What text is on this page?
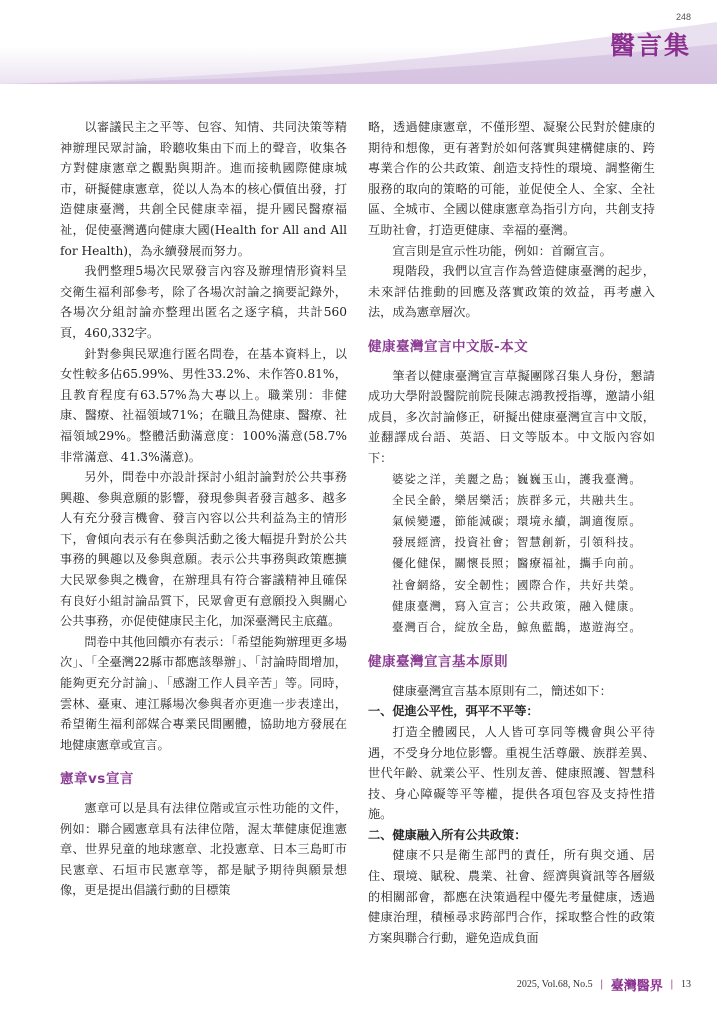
248
醫言集

以審議民主之平等、包容、知情、共同決策等精神辦理民眾討論，聆聽收集由下而上的聲音，收集各方對健康憲章之觀點與期許。進而接軌國際健康城市，研擬健康憲章，從以人為本的核心價值出發，打造健康臺灣，共創全民健康幸福，提升國民醫療福祉，促使臺灣邁向健康大國(Health for All and All for Health)，為永續發展而努力。

我們整理5場次民眾發言內容及辦理情形資料呈交衛生福利部參考，除了各場次討論之摘要記錄外，各場次分組討論亦整理出匿名之逐字稿，共計560頁，460,332字。

針對參與民眾進行匿名問卷，在基本資料上，以女性較多佔65.99%、男性33.2%、未作答0.81%，且教育程度有63.57%為大專以上。職業別：非健康、醫療、社福領域71%；在職且為健康、醫療、社福領域29%。整體活動滿意度：100%滿意(58.7%非常滿意、41.3%滿意)。

另外，問卷中亦設計探討小組討論對於公共事務興趣、參與意願的影響，發現參與者發言越多、越多人有充分發言機會、發言內容以公共利益為主的情形下，會傾向表示有在參與活動之後大幅提升對於公共事務的興趣以及參與意願。表示公共事務與政策應擴大民眾參與之機會，在辦理具有符合審議精神且確保有良好小組討論品質下，民眾會更有意願投入與關心公共事務，亦促使健康民主化，加深臺灣民主底蘊。

問卷中其他回饋亦有表示：「希望能夠辦理更多場次」、「全臺灣22縣市都應該舉辦」、「討論時間增加，能夠更充分討論」、「感謝工作人員辛苦」等。同時，雲林、臺東、連江縣場次參與者亦更進一步表達出，希望衛生福利部媒合專業民間團體，協助地方發展在地健康憲章或宣言。

憲章vs宣言

憲章可以是具有法律位階或宣示性功能的文件，例如：聯合國憲章具有法律位階，渥太華健康促進憲章、世界兒童的地球憲章、北投憲章、日本三島町市民憲章、石垣市民憲章等，都是賦予期待與願景想像，更是提出倡議行動的目標策

略，透過健康憲章，不僅形塑、凝聚公民對於健康的期待和想像，更有著對於如何落實與建構健康的、跨專業合作的公共政策、創造支持性的環境、調整衛生服務的取向的策略的可能，並促使全人、全家、全社區、全城市、全國以健康憲章為指引方向，共創支持互助社會，打造更健康、幸福的臺灣。

宣言則是宣示性功能，例如：首爾宣言。

現階段，我們以宣言作為營造健康臺灣的起步，未來評估推動的回應及落實政策的效益，再考慮入法，成為憲章層次。

健康臺灣宣言中文版-本文

筆者以健康臺灣宣言草擬團隊召集人身份，懇請成功大學附設醫院前院長陳志鴻教授指導，邀請小組成員，多次討論修正，研擬出健康臺灣宣言中文版，並翻譯成台語、英語、日文等版本。中文版內容如下：

婆娑之洋，美麗之島；巍巍玉山，護我臺灣。
全民全齡，樂居樂活；族群多元，共融共生。
氣候變遷，節能減碳；環境永續，調適復原。
發展經濟，投資社會；智慧創新，引領科技。
優化健保，關懷長照；醫療福祉，攜手向前。
社會網絡，安全韌性；國際合作，共好共榮。
健康臺灣，寫入宣言；公共政策，融入健康。
臺灣百合，綻放全島，鯨魚藍鵲，遨遊海空。
健康臺灣宣言基本原則

健康臺灣宣言基本原則有二，簡述如下：

一、促進公平性，弭平不平等：

打造全體國民，人人皆可享同等機會與公平待遇，不受身分地位影響。重視生活尊嚴、族群差異、世代年齡、就業公平、性別友善、健康照護、智慧科技、身心障礙等平等權，提供各項包容及支持性措施。

二、健康融入所有公共政策：

健康不只是衛生部門的責任，所有與交通、居住、環境、賦稅、農業、社會、經濟與資訊等各層級的相關部會，都應在決策過程中優先考量健康，透過健康治理，積極尋求跨部門合作，採取整合性的政策方案與聯合行動，避免造成負面

2025, Vol.68, No.5 | 臺灣醫界 | 13
